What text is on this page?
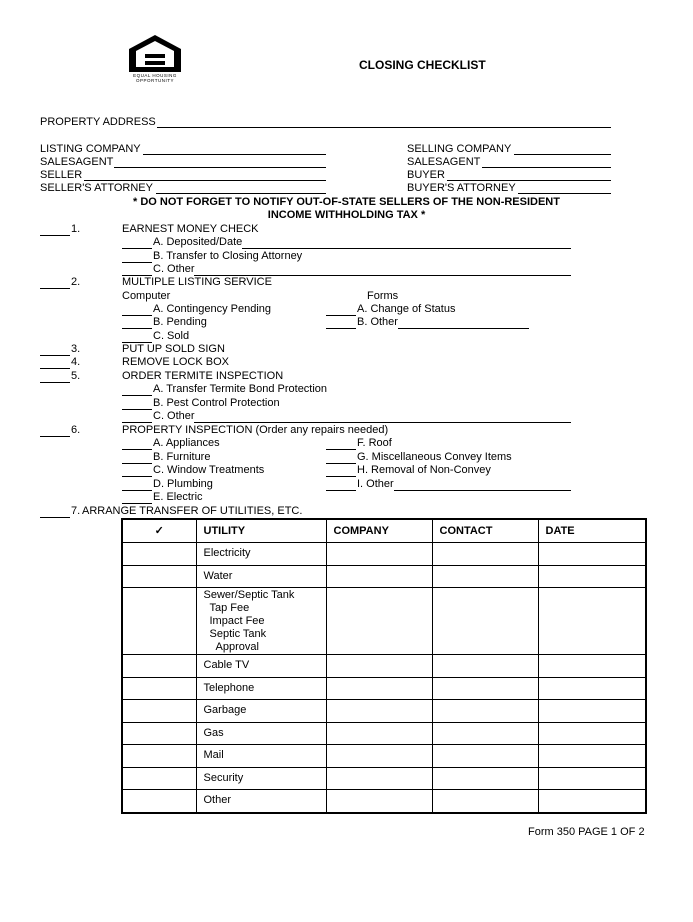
EQUAL HOUSING OPPORTUNITY
CLOSING CHECKLIST
PROPERTY ADDRESS
LISTING COMPANY
SALESAGENT
SELLER
SELLER'S ATTORNEY
SELLING COMPANY
SALESAGENT
BUYER
BUYER'S ATTORNEY
* DO NOT FORGET TO NOTIFY OUT-OF-STATE SELLERS OF THE NON-RESIDENT
INCOME WITHHOLDING TAX *
1.	EARNEST MONEY CHECK
A. Deposited/Date
B. Transfer to Closing Attorney
C. Other
2.	MULTIPLE LISTING SERVICE
Computer	Forms
A. Contingency Pending	A. Change of Status
B. Pending	B. Other
C. Sold
3.	PUT UP SOLD SIGN
4.	REMOVE LOCK BOX
5.	ORDER TERMITE INSPECTION
A. Transfer Termite Bond Protection
B. Pest Control Protection
C. Other
6.	PROPERTY INSPECTION (Order any repairs needed)
A. Appliances	F. Roof
B. Furniture	G. Miscellaneous Convey Items
C. Window Treatments	H. Removal of Non-Convey
D. Plumbing	I. Other
E. Electric
7. ARRANGE TRANSFER OF UTILITIES, ETC.
✓	UTILITY	COMPANY	CONTACT	DATE
	Electricity			
	Water			

	Sewer/Septic Tank
Tap Fee
Impact Fee
Septic Tank
Approval			

	Cable TV			
	Telephone			
	Garbage			
	Gas			
	Mail			
	Security			
	Other			
Form 350 PAGE 1 OF 2
